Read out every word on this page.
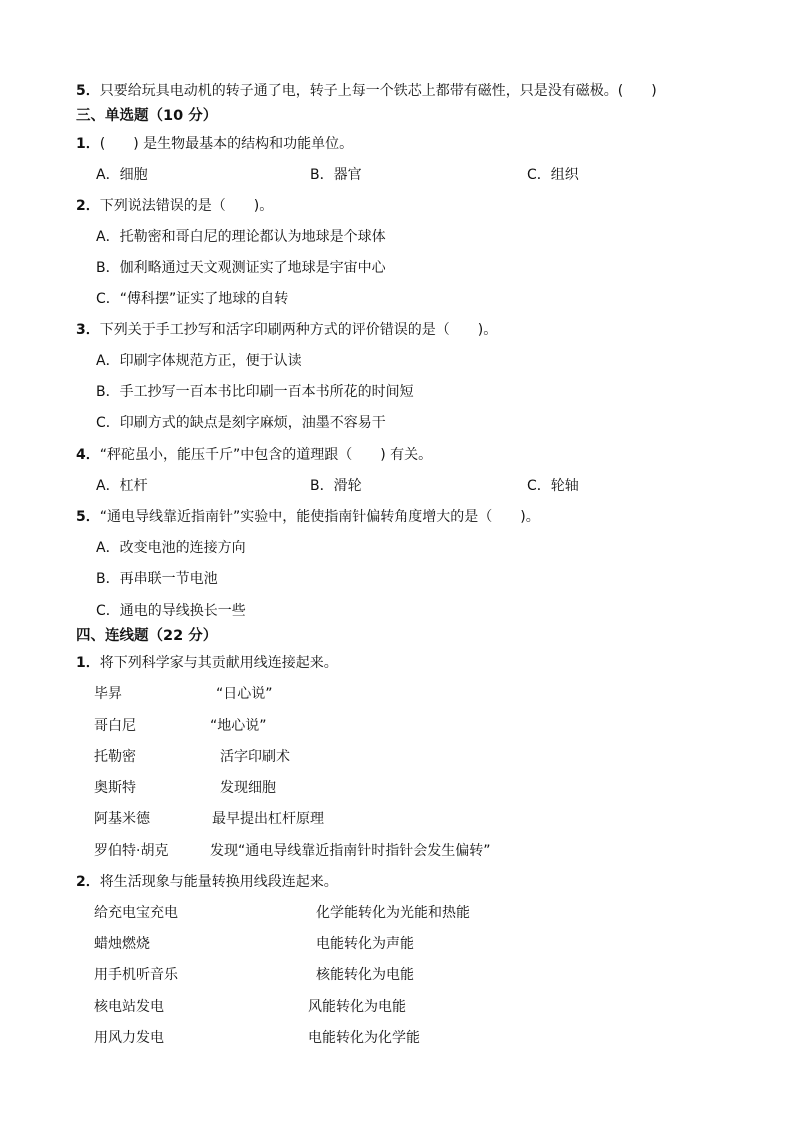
5．只要给玩具电动机的转子通了电，转子上每一个铁芯上都带有磁性，只是没有磁极。(　　)
三、单选题（10 分）
1．(　　) 是生物最基本的结构和功能单位。
A．细胞	B．器官	C．组织
2．下列说法错误的是（　　)。
A．托勒密和哥白尼的理论都认为地球是个球体
B．伽利略通过天文观测证实了地球是宇宙中心
C．“傅科摆”证实了地球的自转
3．下列关于手工抄写和活字印刷两种方式的评价错误的是（　　)。
A．印刷字体规范方正，便于认读
B．手工抄写一百本书比印刷一百本书所花的时间短
C．印刷方式的缺点是刻字麻烦，油墨不容易干
4．“秤砣虽小，能压千斤”中包含的道理跟（　　) 有关。
A．杠杆	B．滑轮	C．轮轴
5．“通电导线靠近指南针”实验中，能使指南针偏转角度增大的是（　　)。
A．改变电池的连接方向
B．再串联一节电池
C．通电的导线换长一些
四、连线题（22 分）
1．将下列科学家与其贡献用线连接起来。
毕昇	“日心说”
哥白尼	“地心说”
托勒密	活字印刷术
奥斯特	发现细胞
阿基米德	最早提出杠杆原理
罗伯特·胡克	发现“通电导线靠近指南针时指针会发生偏转”
2．将生活现象与能量转换用线段连起来。
给充电宝充电	化学能转化为光能和热能
蜡烛燃烧	电能转化为声能
用手机听音乐	核能转化为电能
核电站发电	风能转化为电能
用风力发电	电能转化为化学能
